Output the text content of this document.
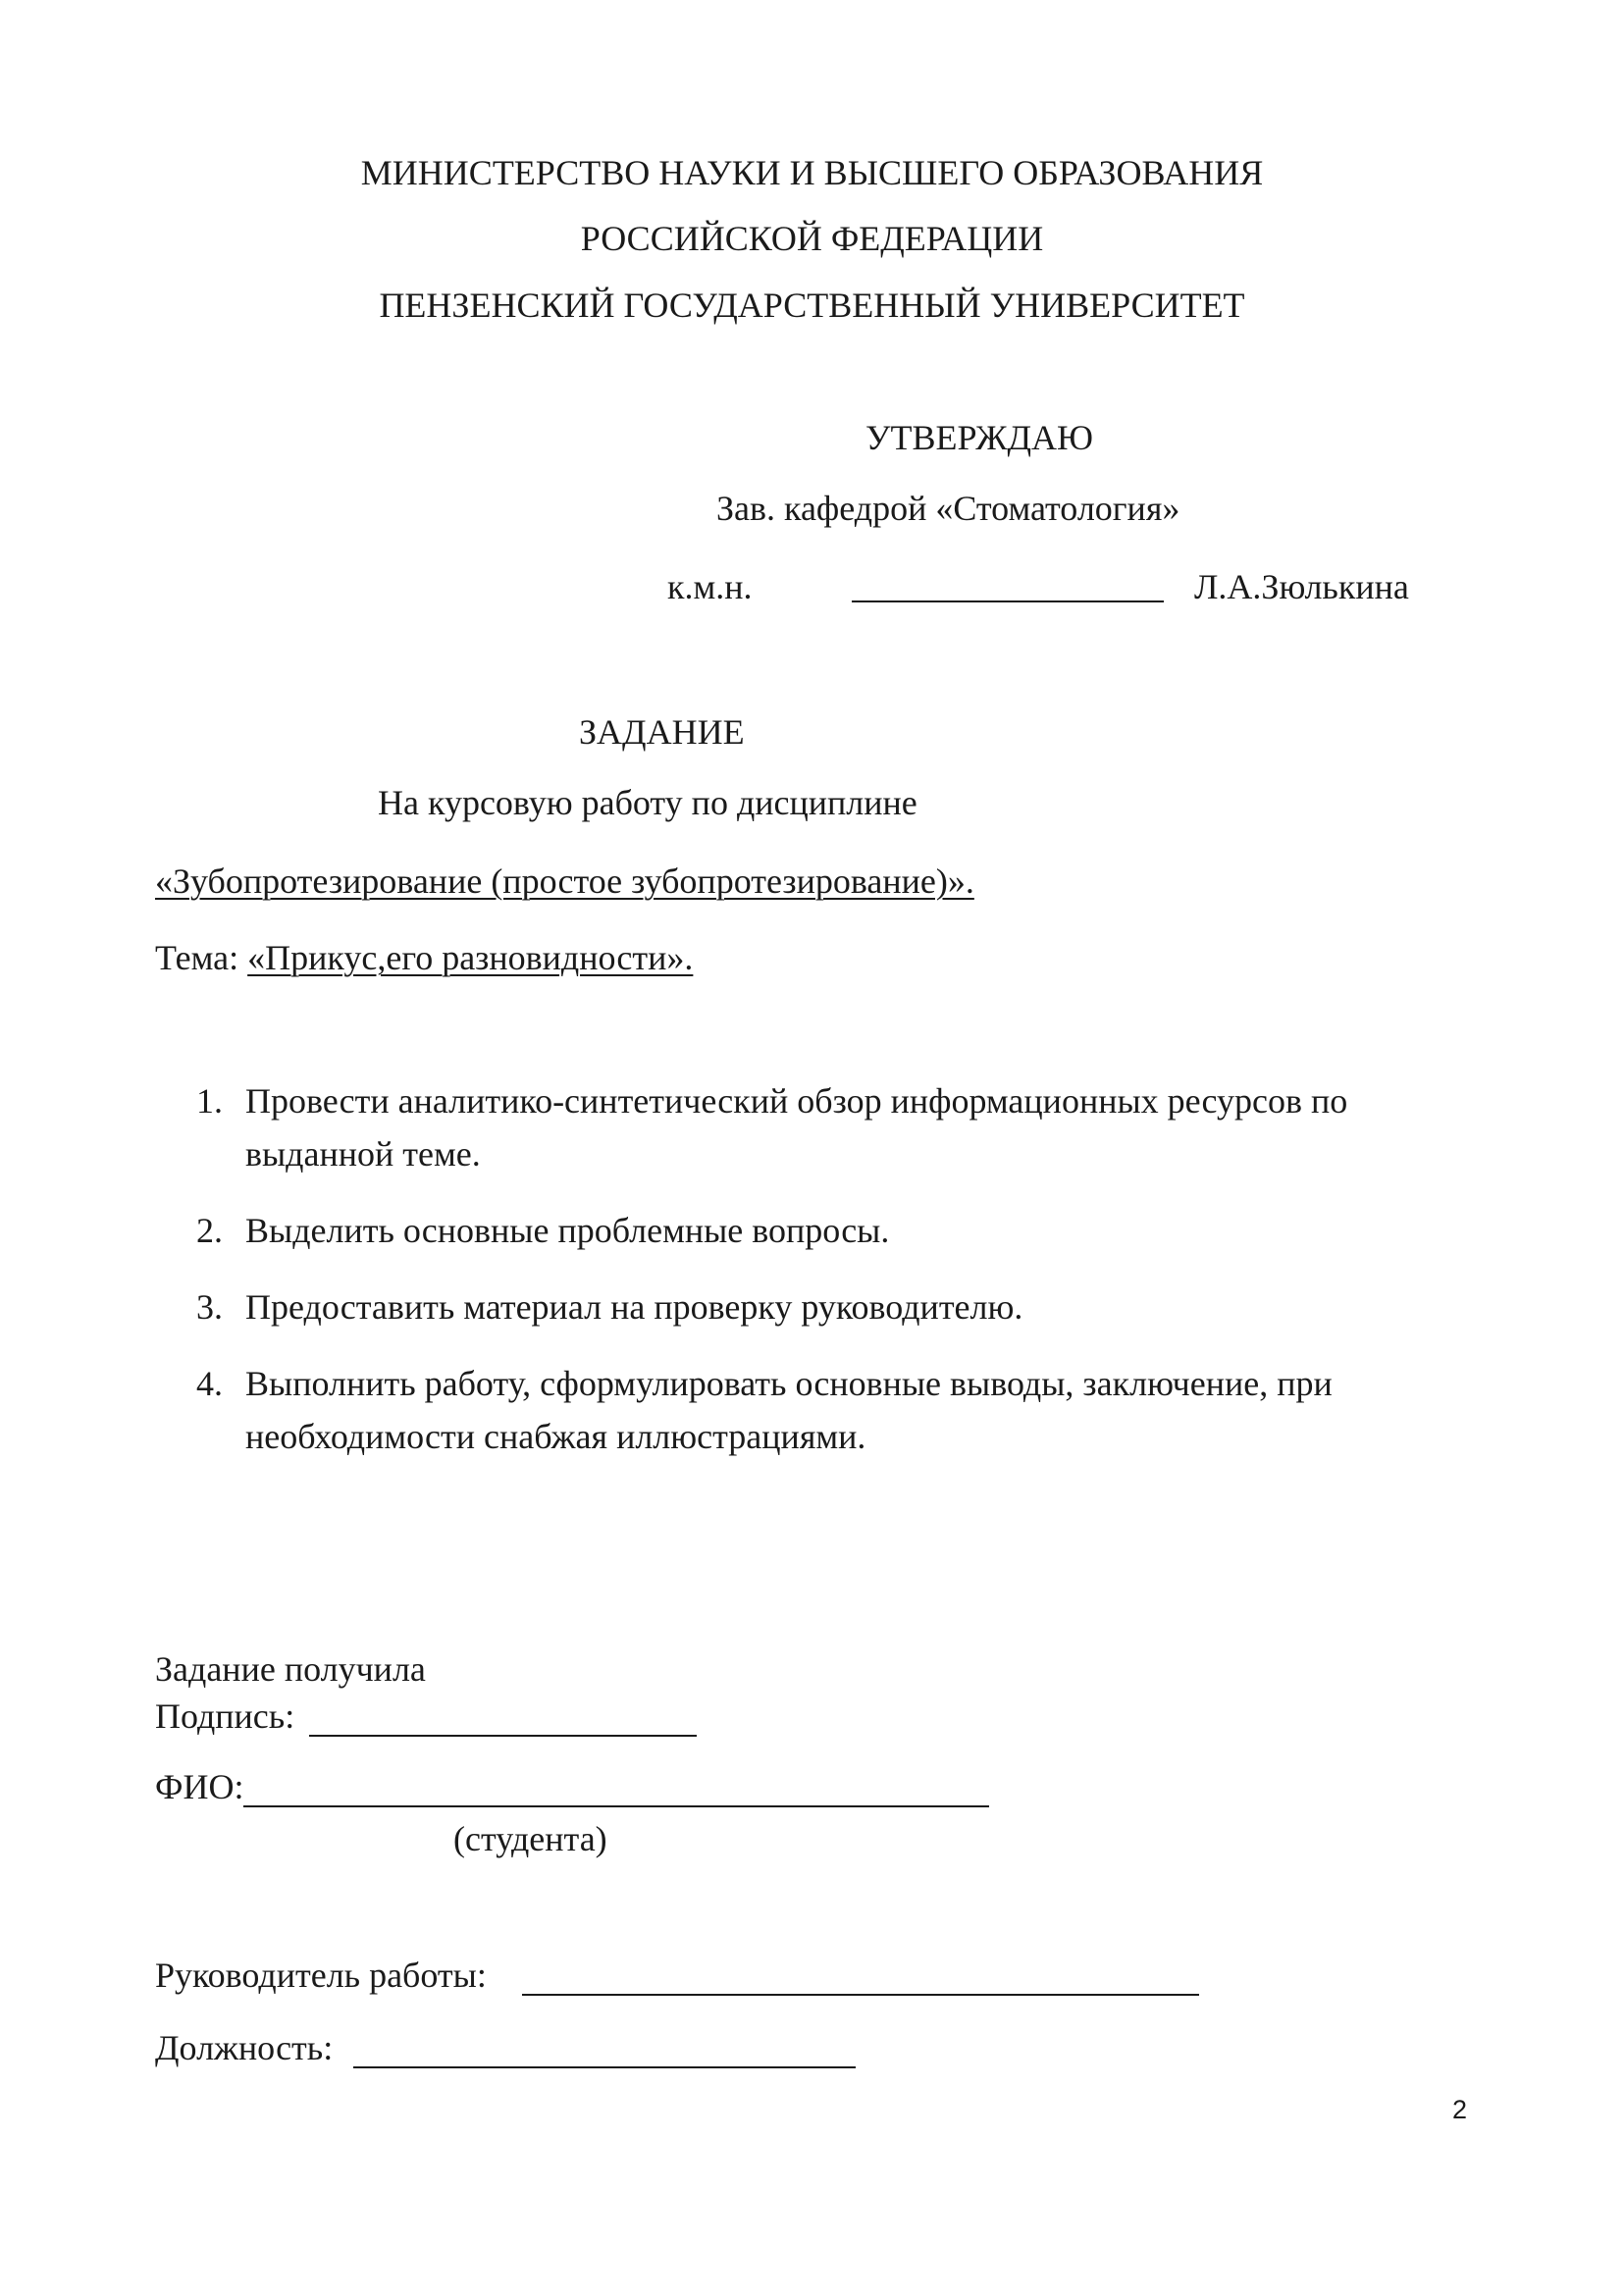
МИНИСТЕРСТВО НАУКИ И ВЫСШЕГО ОБРАЗОВАНИЯ
РОССИЙСКОЙ ФЕДЕРАЦИИ
ПЕНЗЕНСКИЙ ГОСУДАРСТВЕННЫЙ УНИВЕРСИТЕТ
УТВЕРЖДАЮ
Зав. кафедрой «Стоматология»
к.м.н.	Л.А.Зюлькина
ЗАДАНИЕ
На курсовую работу по дисциплине
«Зубопротезирование (простое зубопротезирование)».
Тема: «Прикус,его разновидности».
1. Провести аналитико-синтетический обзор информационных ресурсов по выданной теме.
2. Выделить основные проблемные вопросы.
3. Предоставить материал на проверку руководителю.
4. Выполнить работу, сформулировать основные выводы, заключение, при необходимости снабжая иллюстрациями.
Задание получила
Подпись:
ФИО:
(студента)
Руководитель работы:
Должность:
2
